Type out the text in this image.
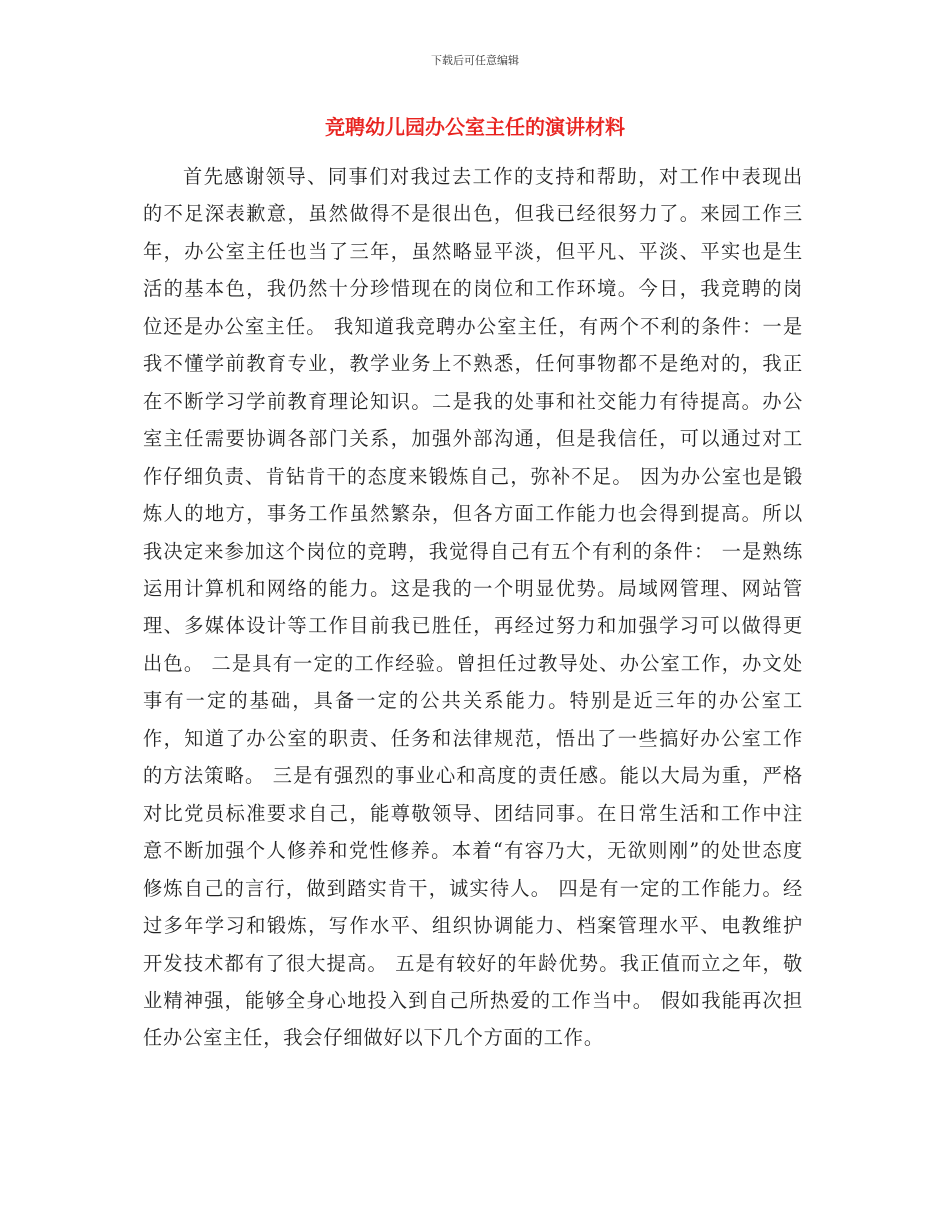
下载后可任意编辑
竞聘幼儿园办公室主任的演讲材料

首先感谢领导、同事们对我过去工作的支持和帮助，对工作中表现出的不足深表歉意，虽然做得不是很出色，但我已经很努力了。来园工作三年，办公室主任也当了三年，虽然略显平淡，但平凡、平淡、平实也是生活的基本色，我仍然十分珍惜现在的岗位和工作环境。今日，我竞聘的岗位还是办公室主任。 我知道我竞聘办公室主任，有两个不利的条件：一是我不懂学前教育专业，教学业务上不熟悉，任何事物都不是绝对的，我正在不断学习学前教育理论知识。二是我的处事和社交能力有待提高。办公室主任需要协调各部门关系，加强外部沟通，但是我信任，可以通过对工作仔细负责、肯钻肯干的态度来锻炼自己，弥补不足。 因为办公室也是锻炼人的地方，事务工作虽然繁杂，但各方面工作能力也会得到提高。所以我决定来参加这个岗位的竞聘，我觉得自己有五个有利的条件： 一是熟练运用计算机和网络的能力。这是我的一个明显优势。局域网管理、网站管理、多媒体设计等工作目前我已胜任，再经过努力和加强学习可以做得更出色。 二是具有一定的工作经验。曾担任过教导处、办公室工作，办文处事有一定的基础，具备一定的公共关系能力。特别是近三年的办公室工作，知道了办公室的职责、任务和法律规范，悟出了一些搞好办公室工作的方法策略。 三是有强烈的事业心和高度的责任感。能以大局为重，严格对比党员标准要求自己，能尊敬领导、团结同事。在日常生活和工作中注意不断加强个人修养和党性修养。本着“有容乃大，无欲则刚”的处世态度修炼自己的言行，做到踏实肯干，诚实待人。 四是有一定的工作能力。经过多年学习和锻炼，写作水平、组织协调能力、档案管理水平、电教维护开发技术都有了很大提高。 五是有较好的年龄优势。我正值而立之年，敬业精神强，能够全身心地投入到自己所热爱的工作当中。 假如我能再次担任办公室主任，我会仔细做好以下几个方面的工作。
